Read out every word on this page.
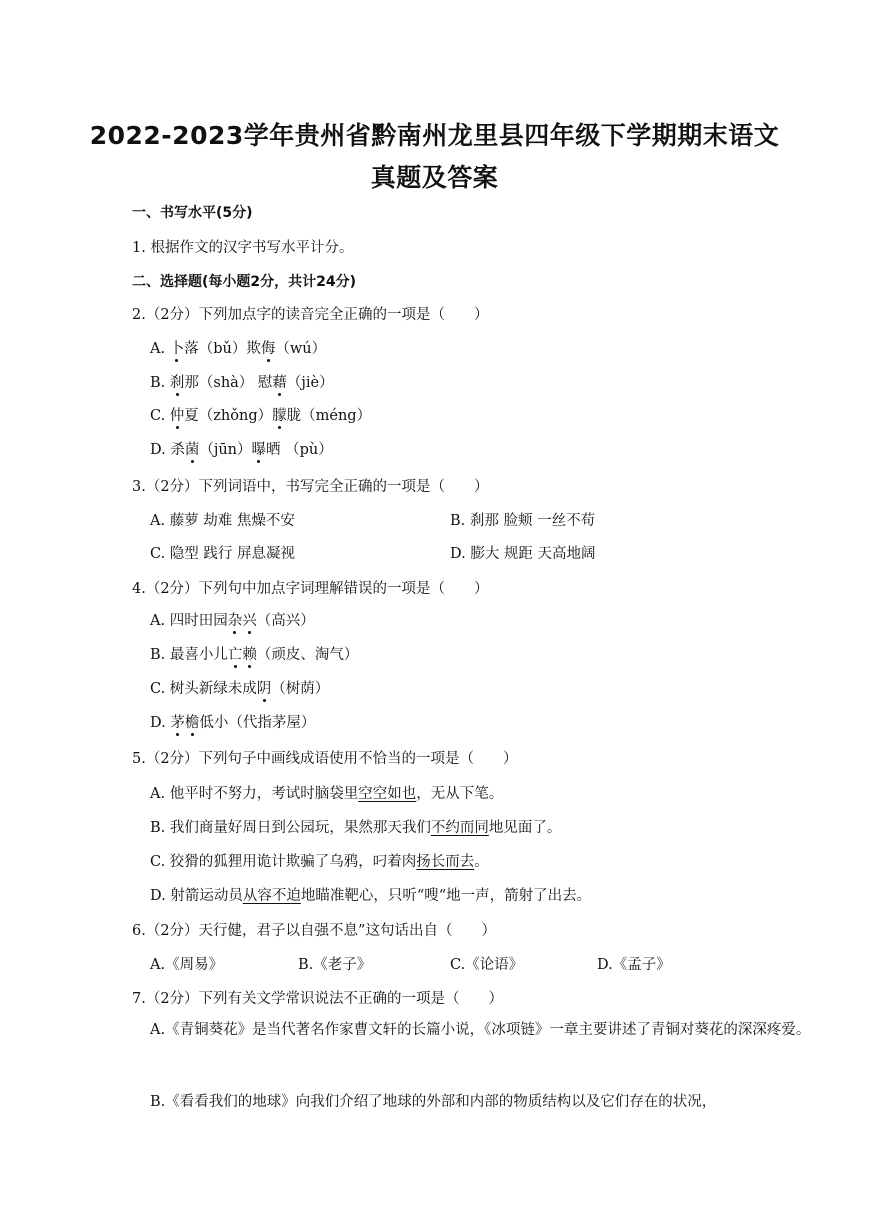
2022-2023学年贵州省黔南州龙里县四年级下学期期末语文
真题及答案
一、书写水平(5分)
1. 根据作文的汉字书写水平计分。
二、选择题(每小题2分，共计24分)
2.（2分）下列加点字的读音完全正确的一项是（　　）
A. 卜落（bǔ）欺侮（wú）
B. 刹那（shà） 慰藉（jiè）
C. 仲夏（zhǒng）朦胧（méng）
D. 杀菌（jūn）曝晒 （pù）
3.（2分）下列词语中，书写完全正确的一项是（　　）
A. 藤萝 劫难 焦燥不安	B. 刹那 脸颊 一丝不苟
C. 隐型 践行 屏息凝视	D. 膨大 规距 天高地阔
4.（2分）下列句中加点字词理解错误的一项是（　　）
A. 四时田园杂兴（高兴）
B. 最喜小儿亡赖（顽皮、淘气）
C. 树头新绿未成阴（树荫）
D. 茅檐低小（代指茅屋）
5.（2分）下列句子中画线成语使用不恰当的一项是（　　）
A. 他平时不努力，考试时脑袋里空空如也，无从下笔。
B. 我们商量好周日到公园玩，果然那天我们不约而同地见面了。
C. 狡猾的狐狸用诡计欺骗了乌鸦，叼着肉扬长而去。
D. 射箭运动员从容不迫地瞄准靶心，只听“嗖“地一声，箭射了出去。
6.（2分）天行健，君子以自强不息”这句话出自（　　）
A.《周易》	B.《老子》	C.《论语》	D.《孟子》
7.（2分）下列有关文学常识说法不正确的一项是（　　）
A.《青铜葵花》是当代著名作家曹文轩的长篇小说，《冰项链》一章主要讲述了青铜对葵花的深深疼爱。
B.《看看我们的地球》向我们介绍了地球的外部和内部的物质结构以及它们存在的状况，
